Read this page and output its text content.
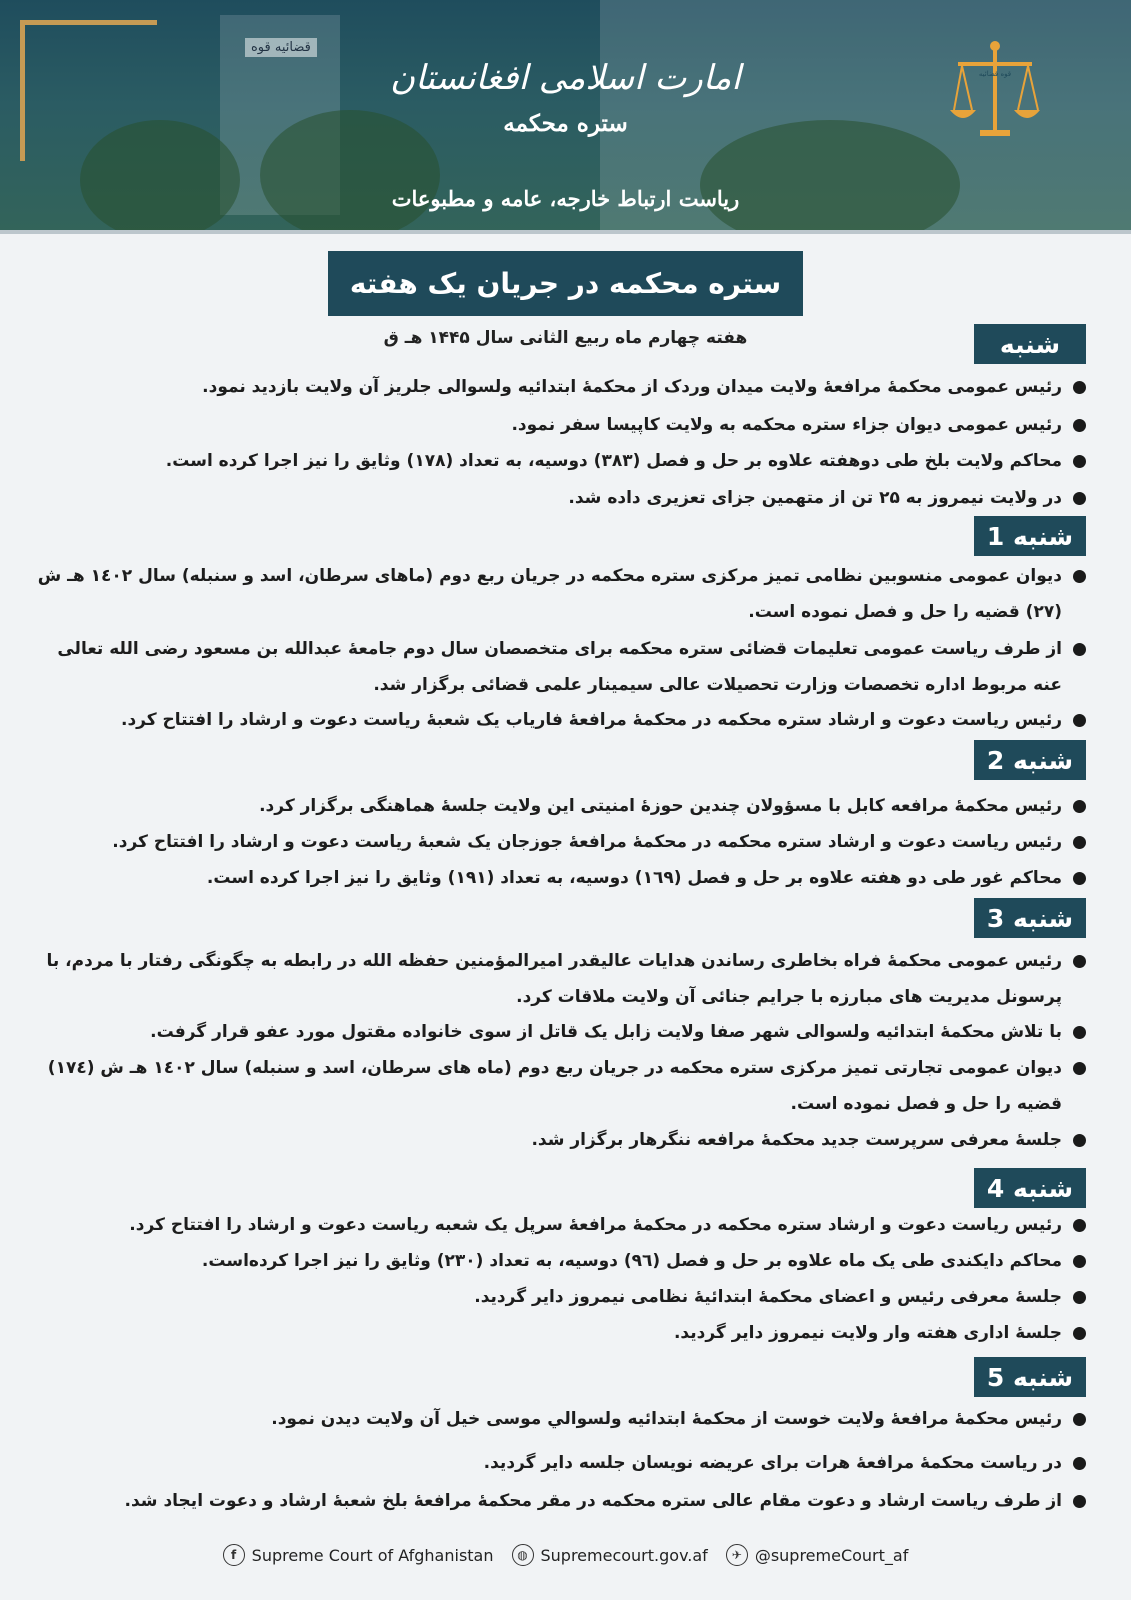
قضائیه قوه
امارت اسلامی افغانستان
ستره محکمه
ریاست ارتباط خارجه، عامه و مطبوعات
قوه قضائیه
ستره محکمه در جریان یک هفته
هفته چهارم ماه ربیع الثانی سال ۱۴۴۵ هـ ق	شنبه
رئیس عمومی محکمهٔ مرافعهٔ ولایت میدان وردک از محکمهٔ ابتدائیه ولسوالی جلریز آن ولایت بازدید نمود.
رئیس عمومی دیوان جزاء ستره محکمه به ولایت کاپیسا سفر نمود.
محاکم ولایت بلخ طی دوهفته علاوه بر حل و فصل (۳۸۳) دوسیه، به تعداد (۱۷۸) وثایق را نیز اجرا کرده است.
در ولایت نیمروز به ۲۵ تن از متهمین جزای تعزیری داده شد.
1 شنبه
دیوان عمومی منسوبین نظامی تمیز مرکزی ستره محکمه در جریان ربع دوم (ماهای سرطان، اسد و سنبله) سال ۱٤۰۲ هـ ش (۲۷) قضیه را حل و فصل نموده است.
از طرف ریاست عمومی تعلیمات قضائی ستره محکمه برای متخصصان سال دوم جامعهٔ عبدالله بن مسعود رضی الله تعالی عنه مربوط اداره تخصصات وزارت تحصیلات عالی سیمینار علمی قضائی برگزار شد.
رئیس ریاست دعوت و ارشاد ستره محکمه در محکمهٔ مرافعهٔ فاریاب یک شعبهٔ ریاست دعوت و ارشاد را افتتاح کرد.
2 شنبه
رئیس محکمهٔ مرافعه کابل با مسؤولان چندین حوزهٔ امنیتی این ولایت جلسهٔ هماهنگی برگزار کرد.
رئیس ریاست دعوت و ارشاد ستره محکمه در محکمهٔ مرافعهٔ جوزجان یک شعبهٔ ریاست دعوت و ارشاد را افتتاح کرد.
محاکم غور طی دو هفته علاوه بر حل و فصل (۱٦۹) دوسیه، به تعداد (۱۹۱) وثایق را نیز اجرا کرده است.
3 شنبه
رئیس عمومی محکمهٔ فراه بخاطری رساندن هدایات عالیقدر امیرالمؤمنین حفظه الله در رابطه به چگونگی رفتار با مردم، با پرسونل مدیریت های مبارزه با جرایم جنائی آن ولایت ملاقات کرد.
با تلاش محکمهٔ ابتدائیه ولسوالی شهر صفا ولایت زابل یک قاتل از سوی خانواده مقتول مورد عفو قرار گرفت.
دیوان عمومی تجارتی تمیز مرکزی ستره محکمه در جریان ربع دوم (ماه های سرطان، اسد و سنبله) سال ۱٤۰۲ هـ ش (۱۷٤) قضیه را حل و فصل نموده است.
جلسهٔ معرفی سرپرست جدید محکمهٔ مرافعه ننگرهار برگزار شد.
4 شنبه
رئیس ریاست دعوت و ارشاد ستره محکمه در محکمهٔ مرافعهٔ سرپل یک شعبه ریاست دعوت و ارشاد را افتتاح کرد.
محاکم دایکندی طی یک ماه علاوه بر حل و فصل (۹٦) دوسیه، به تعداد (۲۳۰) وثایق را نیز اجرا کرده‌است.
جلسهٔ معرفی رئیس و اعضای محکمهٔ ابتدائیهٔ نظامی نیمروز دایر گردید.
جلسهٔ اداری هفته وار ولایت نیمروز دایر گردید.
5 شنبه
رئیس محکمهٔ مرافعهٔ ولایت خوست از محکمهٔ ابتدائیه ولسوالي موسی خیل آن ولایت دیدن نمود.
در ریاست محکمهٔ مرافعهٔ هرات برای عریضه نویسان جلسه دایر گردید.
از طرف ریاست ارشاد و دعوت مقام عالی ستره محکمه در مقر محکمهٔ مرافعهٔ بلخ شعبهٔ ارشاد و دعوت ایجاد شد.
f Supreme Court of Afghanistan	◍ Supremecourt.gov.af	✈ @supremeCourt_af
